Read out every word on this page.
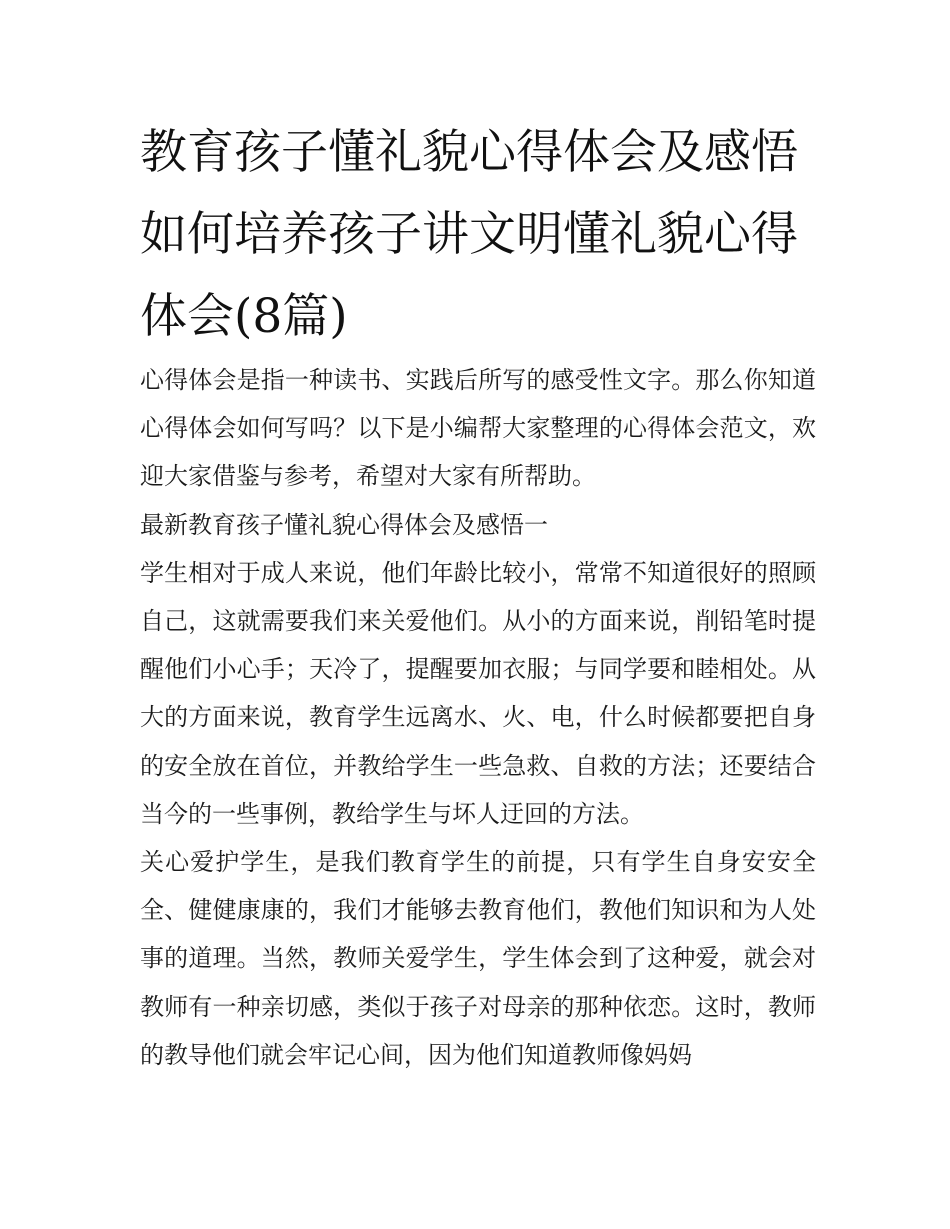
教育孩子懂礼貌心得体会及感悟 如何培养孩子讲文明懂礼貌心得体会(8篇)

心得体会是指一种读书、实践后所写的感受性文字。那么你知道心得体会如何写吗？以下是小编帮大家整理的心得体会范文，欢迎大家借鉴与参考，希望对大家有所帮助。

最新教育孩子懂礼貌心得体会及感悟一

学生相对于成人来说，他们年龄比较小，常常不知道很好的照顾自己，这就需要我们来关爱他们。从小的方面来说，削铅笔时提醒他们小心手；天冷了，提醒要加衣服；与同学要和睦相处。从大的方面来说，教育学生远离水、火、电，什么时候都要把自身的安全放在首位，并教给学生一些急救、自救的方法；还要结合当今的一些事例，教给学生与坏人迂回的方法。

关心爱护学生，是我们教育学生的前提，只有学生自身安安全全、健健康康的，我们才能够去教育他们，教他们知识和为人处事的道理。当然，教师关爱学生，学生体会到了这种爱，就会对教师有一种亲切感，类似于孩子对母亲的那种依恋。这时，教师的教导他们就会牢记心间，因为他们知道教师像妈妈
